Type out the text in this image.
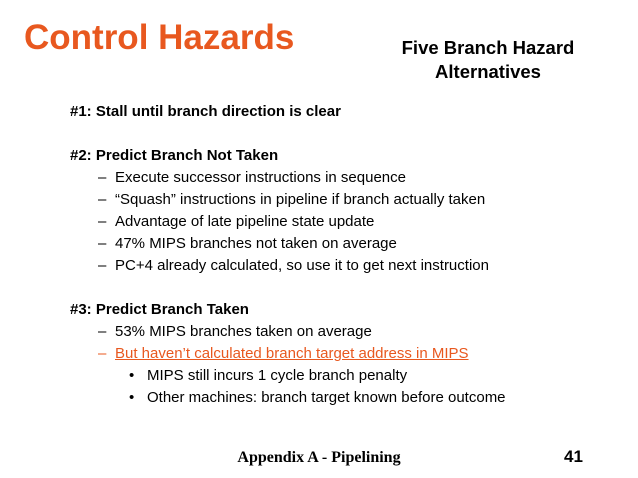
Control Hazards	Five Branch Hazard
Alternatives
#1: Stall until branch direction is clear
#2: Predict Branch Not Taken
– Execute successor instructions in sequence
– “Squash” instructions in pipeline if branch actually taken
– Advantage of late pipeline state update
– 47% MIPS branches not taken on average
– PC+4 already calculated, so use it to get next instruction
#3: Predict Branch Taken
– 53% MIPS branches taken on average
– But haven’t calculated branch target address in MIPS
• MIPS still incurs 1 cycle branch penalty
• Other machines: branch target known before outcome
Appendix A - Pipelining	41
